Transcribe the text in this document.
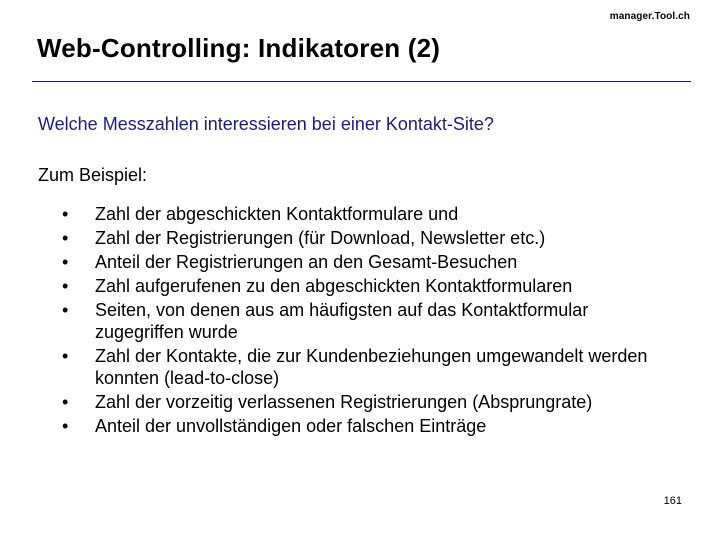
manager.Tool.ch
Web-Controlling: Indikatoren (2)
Welche Messzahlen interessieren bei einer Kontakt-Site?
Zum Beispiel:
•	Zahl der abgeschickten Kontaktformulare und
•	Zahl der Registrierungen (für Download, Newsletter etc.)
•	Anteil der Registrierungen an den Gesamt-Besuchen
•	Zahl aufgerufenen zu den abgeschickten Kontaktformularen
•	Seiten, von denen aus am häufigsten auf das Kontaktformular zugegriffen wurde
•	Zahl der Kontakte, die zur Kundenbeziehungen umgewandelt werden konnten (lead-to-close)
•	Zahl der vorzeitig verlassenen Registrierungen (Absprungrate)
•	Anteil der unvollständigen oder falschen Einträge
161
